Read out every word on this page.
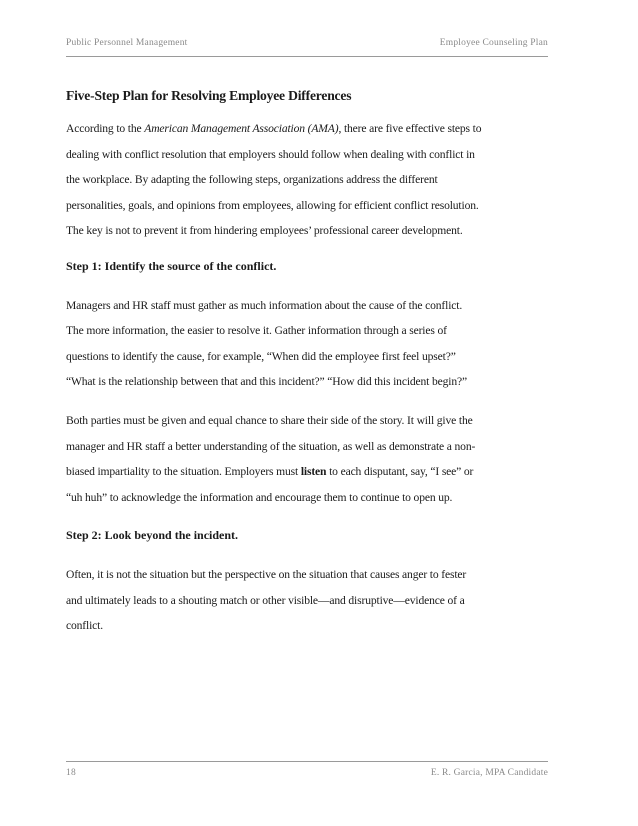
Public Personnel Management	Employee Counseling Plan
Five-Step Plan for Resolving Employee Differences

According to the American Management Association (AMA), there are five effective steps to
dealing with conflict resolution that employers should follow when dealing with conflict in
the workplace. By adapting the following steps, organizations address the different
personalities, goals, and opinions from employees, allowing for efficient conflict resolution.
The key is not to prevent it from hindering employees’ professional career development.

Step 1: Identify the source of the conflict.

Managers and HR staff must gather as much information about the cause of the conflict.
The more information, the easier to resolve it. Gather information through a series of
questions to identify the cause, for example, “When did the employee first feel upset?”
“What is the relationship between that and this incident?” “How did this incident begin?”

Both parties must be given and equal chance to share their side of the story. It will give the
manager and HR staff a better understanding of the situation, as well as demonstrate a non-
biased impartiality to the situation. Employers must listen to each disputant, say, “I see” or
“uh huh” to acknowledge the information and encourage them to continue to open up.

Step 2: Look beyond the incident.

Often, it is not the situation but the perspective on the situation that causes anger to fester
and ultimately leads to a shouting match or other visible—and disruptive—evidence of a
conflict.

18	E. R. Garcia, MPA Candidate
